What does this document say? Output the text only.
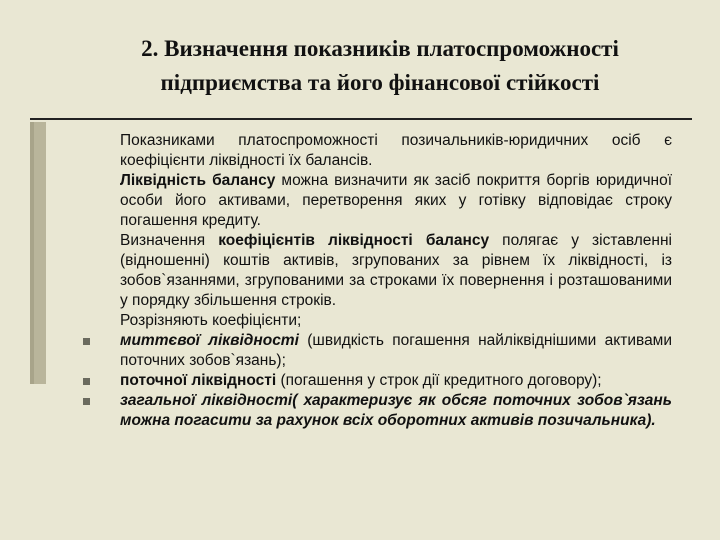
2. Визначення показників платоспроможності
підприємства та його фінансової стійкості

Показниками платоспроможності позичальників-юридичних осіб є коефіцієнти ліквідності їх балансів.

Ліквідність балансу можна визначити як засіб покриття боргів юридичної особи його активами, перетворення яких у готівку відповідає строку погашення кредиту.

Визначення коефіцієнтів ліквідності балансу полягає у зіставленні (відношенні) коштів активів, згрупованих за рівнем їх ліквідності, із зобов`язаннями, згрупованими за строками їх повернення і розташованими у порядку збільшення строків.

Розрізняють коефіцієнти;

миттєвої ліквідності (швидкість погашення найліквіднішими активами поточних зобов`язань);

поточної ліквідності (погашення у строк дії кредитного договору);

загальної ліквідності( характеризує як обсяг поточних зобов`язань можна погасити за рахунок всіх оборотних активів позичальника).
